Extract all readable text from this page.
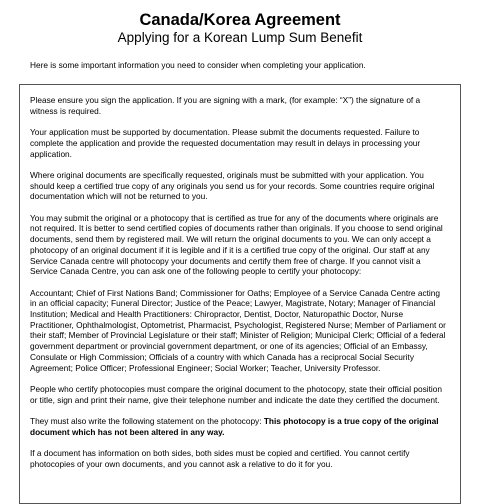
Canada/Korea Agreement
Applying for a Korean Lump Sum Benefit
Here is some important information you need to consider when completing your application.

Please ensure you sign the application. If you are signing with a mark, (for example: “X”) the signature of a witness is required.

Your application must be supported by documentation. Please submit the documents requested. Failure to complete the application and provide the requested documentation may result in delays in processing your application.

Where original documents are specifically requested, originals must be submitted with your application. You should keep a certified true copy of any originals you send us for your records. Some countries require original documentation which will not be returned to you.

You may submit the original or a photocopy that is certified as true for any of the documents where originals are not required. It is better to send certified copies of documents rather than originals. If you choose to send original documents, send them by registered mail. We will return the original documents to you. We can only accept a photocopy of an original document if it is legible and if it is a certified true copy of the original. Our staff at any Service Canada centre will photocopy your documents and certify them free of charge. If you cannot visit a Service Canada Centre, you can ask one of the following people to certify your photocopy:

Accountant; Chief of First Nations Band; Commissioner for Oaths; Employee of a Service Canada Centre acting in an official capacity; Funeral Director; Justice of the Peace; Lawyer, Magistrate, Notary; Manager of Financial Institution; Medical and Health Practitioners: Chiropractor, Dentist, Doctor, Naturopathic Doctor, Nurse Practitioner, Ophthalmologist, Optometrist, Pharmacist, Psychologist, Registered Nurse; Member of Parliament or their staff; Member of Provincial Legislature or their staff; Minister of Religion; Municipal Clerk; Official of a federal government department or provincial government department, or one of its agencies; Official of an Embassy, Consulate or High Commission; Officials of a country with which Canada has a reciprocal Social Security Agreement; Police Officer; Professional Engineer; Social Worker; Teacher, University Professor.

People who certify photocopies must compare the original document to the photocopy, state their official position or title, sign and print their name, give their telephone number and indicate the date they certified the document.

They must also write the following statement on the photocopy: This photocopy is a true copy of the original document which has not been altered in any way.

If a document has information on both sides, both sides must be copied and certified. You cannot certify photocopies of your own documents, and you cannot ask a relative to do it for you.
